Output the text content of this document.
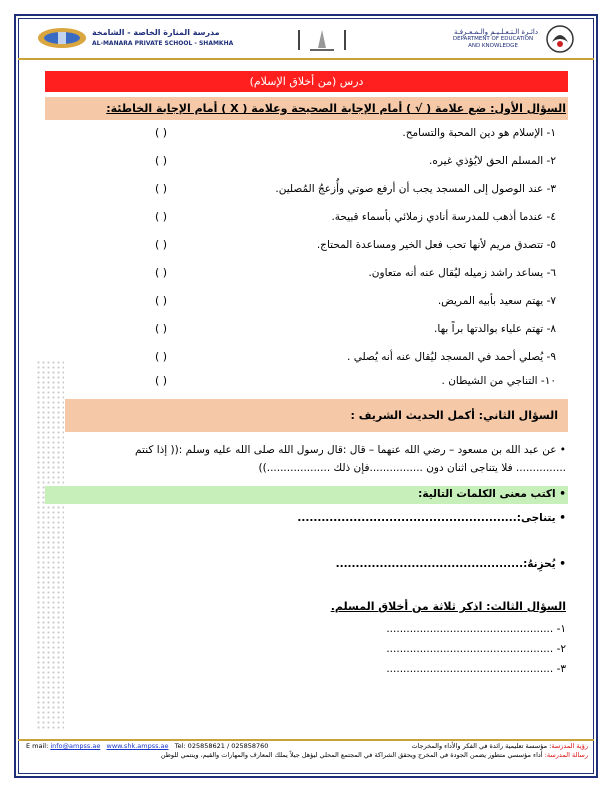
مدرسة المنارة الخاصة - الشامخة
AL-MANARA PRIVATE SCHOOL - SHAMKHA
دائـرة الـتـعـلـيـم والـمـعـرفـة
DEPARTMENT OF EDUCATION
AND KNOWLEDGE
درس (من أخلاق الإسلام)
السؤال الأول: ضع علامة ( √ ) أمام الإجابة الصحيحة وعلامة ( X ) أمام الإجابة الخاطئة:
١- الإسلام هو دين المحبة والتسامح.
٢- المسلم الحق لايُؤذي غيره.
٣- عند الوصول إلى المسجد يجب أن أرفع صوتي وأُزعجُ المُصلين.
٤- عندما أذهب للمدرسة أنادي زملائي بأسماء قبيحة.
٥- تتصدق مريم لأنها تحب فعل الخير ومساعدة المحتاج.
٦- يساعد راشد زميله ليُقال عنه أنه متعاون.
٧- يهتم سعيد بأبيه المريض.
٨- تهتم علياء بوالدتها براً بها.
٩- يُصلي أحمد في المسجد ليُقال عنه أنه يُصلي .
١٠- التناجي من الشيطان .
( )
( )
( )
( )
( )
( )
( )
( )
( )
( )
السؤال الثاني: أكمل الحديث الشريف :
• عن عبد الله بن مسعود – رضي الله عنهما – قال :قال رسول الله صلى الله عليه وسلم :(( إذا كنتم
............... فلا يتناجى اثنان دون ................فإن ذلك ...................))
• اكتب معنى الكلمات التالية:
• يتناجى:.......................................................
• يُحزِنهُ:...............................................
السؤال الثالث: اذكر ثلاثة من أخلاق المسلم.
١- ..................................................
٢- ..................................................
٣- ..................................................
رؤية المدرسة: مؤسسة تعليمية رائدة في الفكر والأداء والمخرجات
رسالة المدرسة: أداء مؤسسي متطور يضمن الجودة في المخرج ويحقق الشراكة في المجتمع المحلي ليؤهل جيلاً يملك المعارف والمهارات والقيم، وينتمي للوطن
E mail: info@ampss.ae www.shk.ampss.ae Tel: 025858621 / 025858760
